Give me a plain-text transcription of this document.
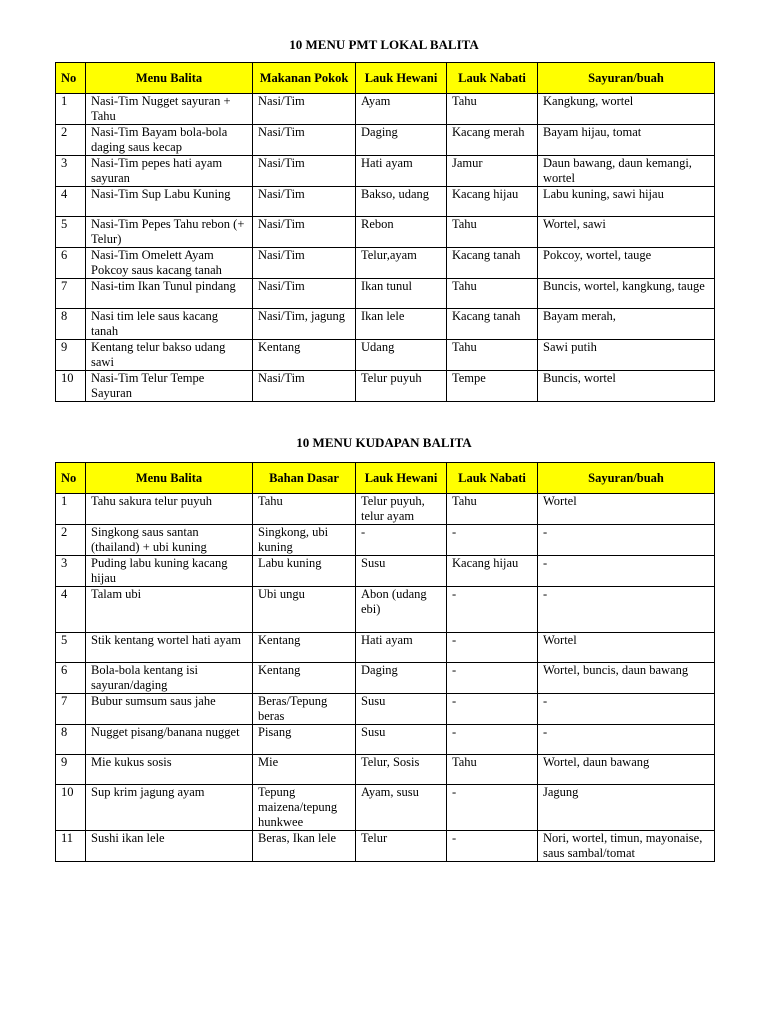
10 MENU PMT LOKAL BALITA
No	Menu Balita	Makanan Pokok	Lauk Hewani	Lauk Nabati	Sayuran/buah
1	Nasi-Tim Nugget sayuran + Tahu	Nasi/Tim	Ayam	Tahu	Kangkung, wortel
2	Nasi-Tim Bayam bola-bola daging saus kecap	Nasi/Tim	Daging	Kacang merah	Bayam hijau, tomat
3	Nasi-Tim pepes hati ayam sayuran	Nasi/Tim	Hati ayam	Jamur	Daun bawang, daun kemangi, wortel
4	Nasi-Tim Sup Labu Kuning	Nasi/Tim	Bakso, udang	Kacang hijau	Labu kuning, sawi hijau
5	Nasi-Tim Pepes Tahu rebon (+ Telur)	Nasi/Tim	Rebon	Tahu	Wortel, sawi
6	Nasi-Tim Omelett Ayam Pokcoy saus kacang tanah	Nasi/Tim	Telur,ayam	Kacang tanah	Pokcoy, wortel, tauge
7	Nasi-tim Ikan Tunul pindang	Nasi/Tim	Ikan tunul	Tahu	Buncis, wortel, kangkung, tauge
8	Nasi tim lele saus kacang tanah	Nasi/Tim, jagung	Ikan lele	Kacang tanah	Bayam merah,
9	Kentang telur bakso udang sawi	Kentang	Udang	Tahu	Sawi putih
10	Nasi-Tim Telur Tempe Sayuran	Nasi/Tim	Telur puyuh	Tempe	Buncis, wortel
10 MENU KUDAPAN BALITA
No	Menu Balita	Bahan Dasar	Lauk Hewani	Lauk Nabati	Sayuran/buah
1	Tahu sakura telur puyuh	Tahu	Telur puyuh, telur ayam	Tahu	Wortel
2	Singkong saus santan (thailand) + ubi kuning	Singkong, ubi kuning	-	-	-
3	Puding labu kuning kacang hijau	Labu kuning	Susu	Kacang hijau	-
4	Talam ubi	Ubi ungu	Abon (udang ebi)	-	-
5	Stik kentang wortel hati ayam	Kentang	Hati ayam	-	Wortel
6	Bola-bola kentang isi sayuran/daging	Kentang	Daging	-	Wortel, buncis, daun bawang
7	Bubur sumsum saus jahe	Beras/Tepung beras	Susu	-	-
8	Nugget pisang/banana nugget	Pisang	Susu	-	-
9	Mie kukus sosis	Mie	Telur, Sosis	Tahu	Wortel, daun bawang
10	Sup krim jagung ayam	Tepung maizena/tepung hunkwee	Ayam, susu	-	Jagung
11	Sushi ikan lele	Beras, Ikan lele	Telur	-	Nori, wortel, timun, mayonaise, saus sambal/tomat
